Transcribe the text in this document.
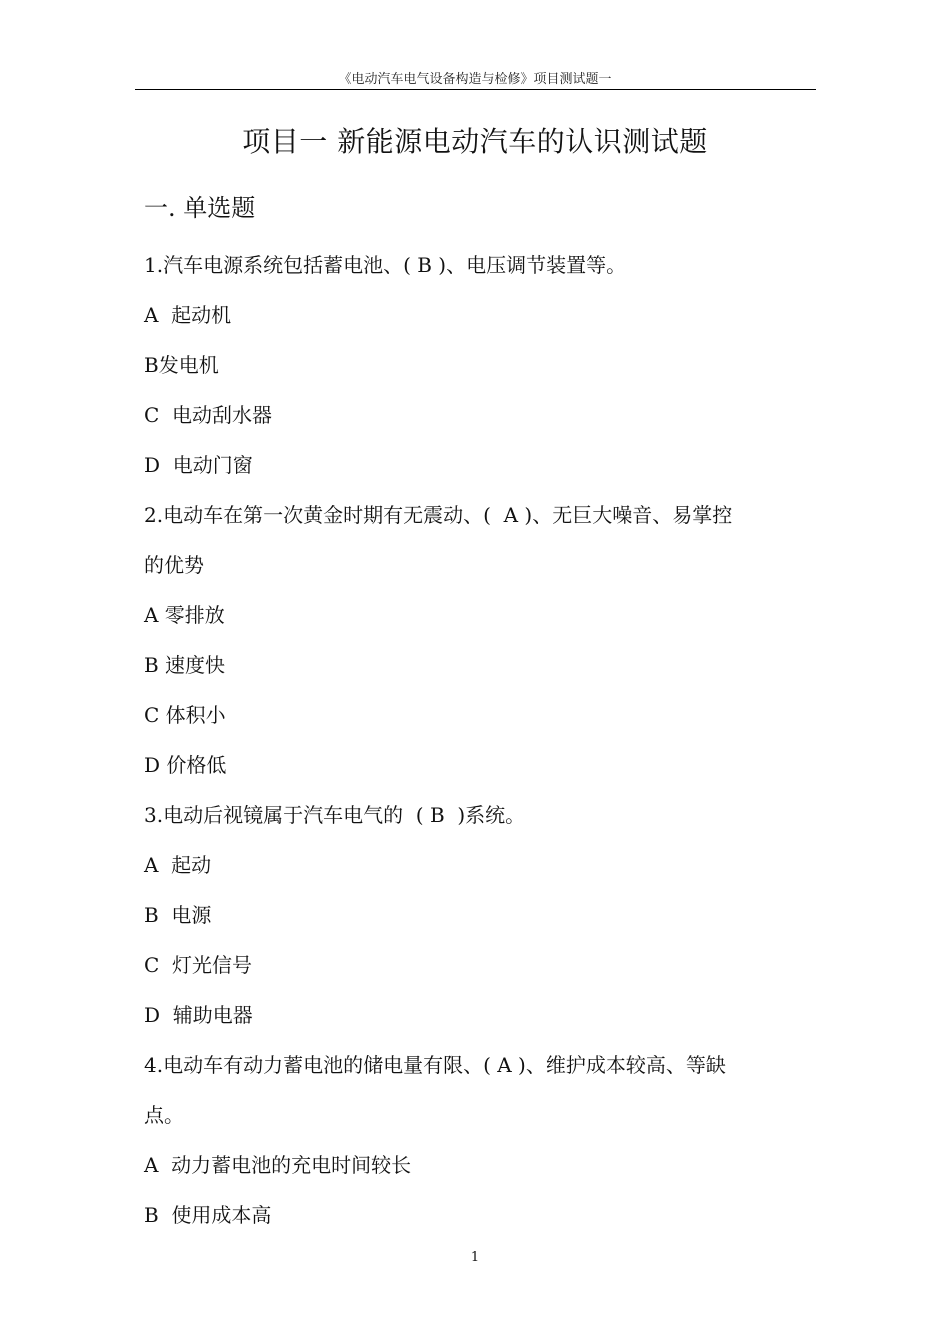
《电动汽车电气设备构造与检修》项目测试题一
项目一 新能源电动汽车的认识测试题
一. 单选题
1.汽车电源系统包括蓄电池、( B )、电压调节装置等。
A  起动机
B发电机
C  电动刮水器
D  电动门窗
2.电动车在第一次黄金时期有无震动、(  A )、无巨大噪音、易掌控
的优势
A 零排放
B 速度快
C 体积小
D 价格低
3.电动后视镜属于汽车电气的  ( B  )系统。
A  起动
B  电源
C  灯光信号
D  辅助电器
4.电动车有动力蓄电池的储电量有限、( A )、维护成本较高、等缺
点。
A  动力蓄电池的充电时间较长
B  使用成本高
1
